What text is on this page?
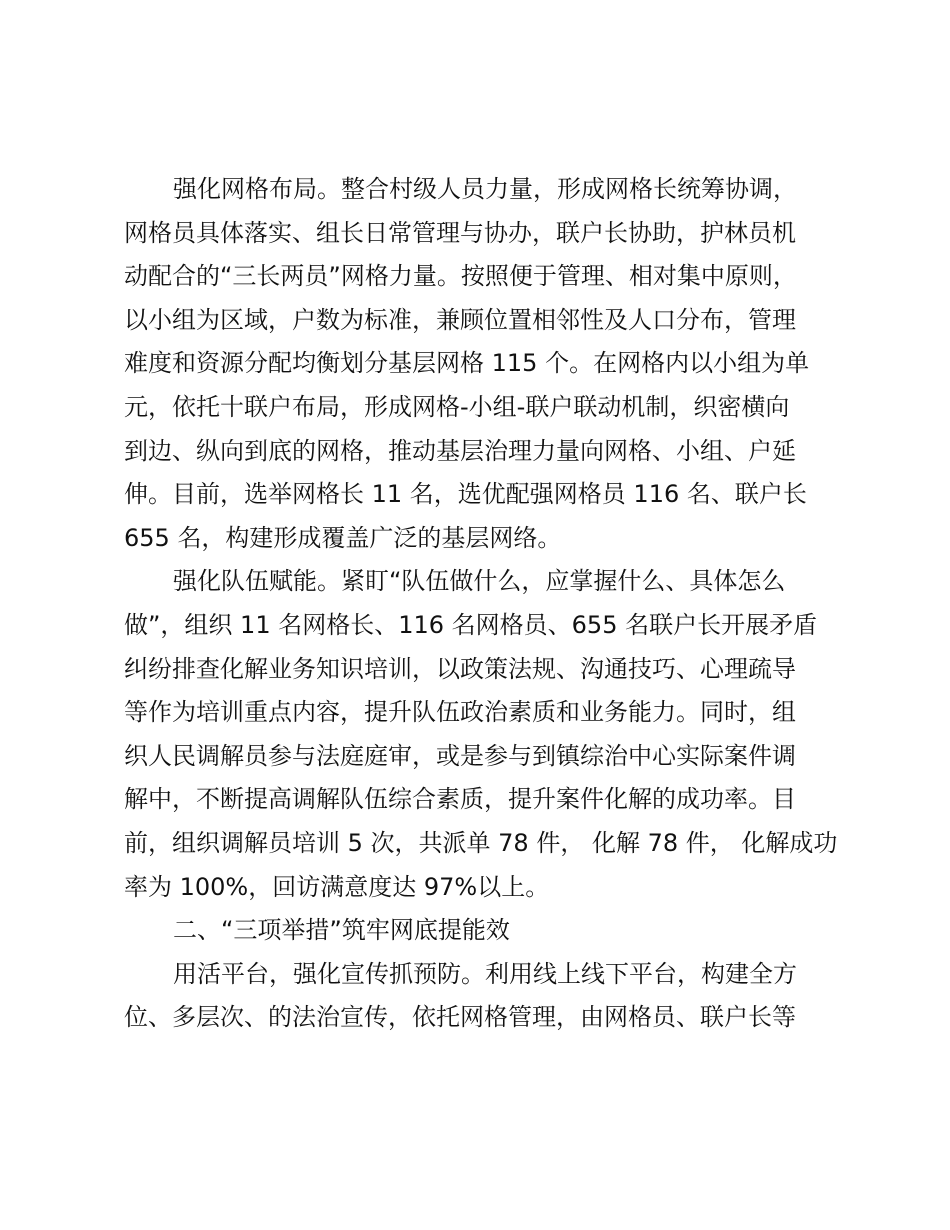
强化网格布局。整合村级人员力量，形成网格长统筹协调，
网格员具体落实、组长日常管理与协办，联户长协助，护林员机
动配合的“三长两员”网格力量。按照便于管理、相对集中原则，
以小组为区域，户数为标准，兼顾位置相邻性及人口分布，管理
难度和资源分配均衡划分基层网格 115 个。在网格内以小组为单
元，依托十联户布局，形成网格-小组-联户联动机制，织密横向
到边、纵向到底的网格，推动基层治理力量向网格、小组、户延
伸。目前，选举网格长 11 名，选优配强网格员 116 名、联户长
655 名，构建形成覆盖广泛的基层网络。
强化队伍赋能。紧盯“队伍做什么，应掌握什么、具体怎么
做”，组织 11 名网格长、116 名网格员、655 名联户长开展矛盾
纠纷排查化解业务知识培训，以政策法规、沟通技巧、心理疏导
等作为培训重点内容，提升队伍政治素质和业务能力。同时，组
织人民调解员参与法庭庭审，或是参与到镇综治中心实际案件调
解中，不断提高调解队伍综合素质，提升案件化解的成功率。目
前，组织调解员培训 5 次，共派单 78 件， 化解 78 件， 化解成功
率为 100%，回访满意度达 97%以上。
二、“三项举措”筑牢网底提能效
用活平台，强化宣传抓预防。利用线上线下平台，构建全方
位、多层次、的法治宣传，依托网格管理，由网格员、联户长等
